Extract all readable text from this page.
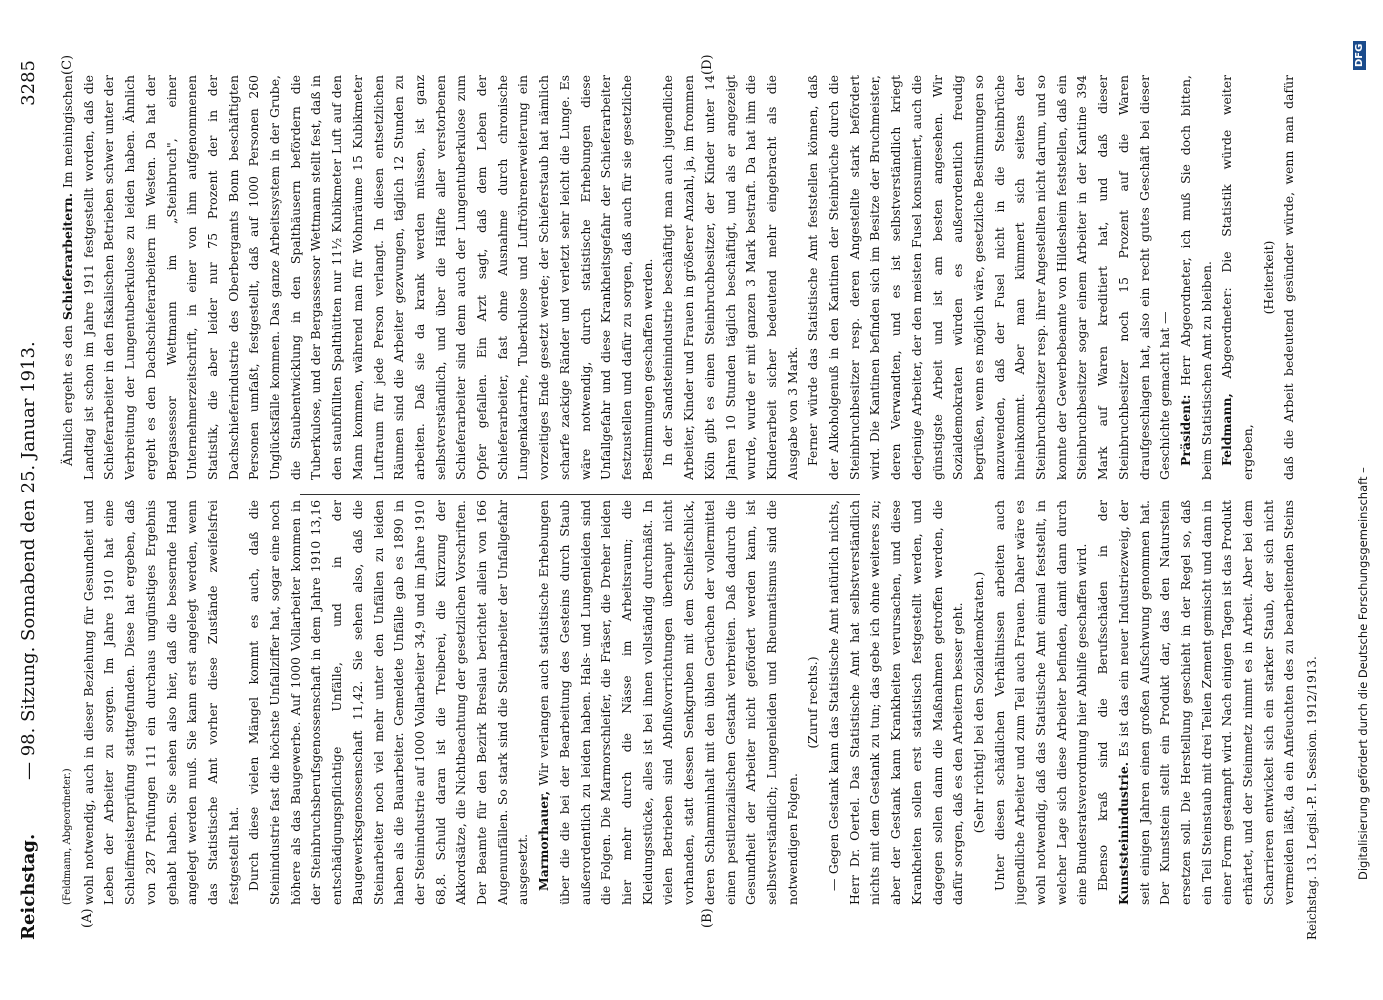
Reichstag.
— 98. Sitzung. Sonnabend den 25. Januar 1913.
3285
(A)	(B)
(C)	(D)

(Feldmann, Abgeordneter.) wohl notwendig, auch in dieser Beziehung für Gesundheit und Leben der Arbeiter zu sorgen. Im Jahre 1910 hat eine Schleifmeisterprüfung stattgefunden. Diese hat ergeben, daß von 287 Prüfungen 111 ein durchaus ungünstiges Ergebnis gehabt haben. Sie sehen also hier, daß die bessernde Hand angelegt werden muß. Sie kann erst angelegt werden, wenn das Statistische Amt vorher diese Zustände zweifelsfrei festgestellt hat. Durch diese vielen Mängel kommt es auch, daß die Steinindustrie fast die höchste Unfallziffer hat, sogar eine noch höhere als das Baugewerbe. Auf 1000 Vollarbeiter kommen in der Steinbruchsberufsgenossenschaft in dem Jahre 1910 13,16 entschädigungspflichtige Unfälle, und in der Baugewerksgenossenschaft 11,42. Sie sehen also, daß die Steinarbeiter noch viel mehr unter den Unfällen zu leiden haben als die Bauarbeiter. Gemeldete Unfälle gab es 1890 in der Steinindustrie auf 1000 Vollarbeiter 34,9 und im Jahre 1910 68,8. Schuld daran ist die Treiberei, die Kürzung der Akkordsätze, die Nichtbeachtung der gesetzlichen Vorschriften. Der Beamte für den Bezirk Breslau berichtet allein von 166 Augenunfällen. So stark sind die Steinarbeiter der Unfallgefahr ausgesetzt. Marmorhauer, Wir verlangen auch statistische Erhebungen über die die bei der Bearbeitung des Gesteins durch Staub außerordentlich zu leiden haben. Hals- und Lungenleiden sind die Folgen. Die Marmorschleifer, die Fräser, die Dreher leiden hier mehr durch die Nässe im Arbeitsraum; die Kleidungsstücke, alles ist bei ihnen vollständig durchnäßt. In vielen Betrieben sind Abflußvorrichtungen überhaupt nicht vorhanden, statt dessen Senkgruben mit dem Schleifschlick, deren Schlamminhalt mit den üblen Gerüchen der vollermittel einen pestilenzialischen Gestank verbreiten. Daß dadurch die Gesundheit der Arbeiter nicht gefördert werden kann, ist selbstverständlich; Lungenleiden und Rheumatismus sind die notwendigen Folgen.

(Zuruf rechts.) — Gegen Gestank kann das Statistische Amt natürlich nichts, Herr Dr. Oertel. Das Statistische Amt hat selbstverständlich nichts mit dem Gestank zu tun; das gebe ich ohne weiteres zu; aber der Gestank kann Krankheiten verursachen, und diese Krankheiten sollen erst statistisch festgestellt werden, und dagegen sollen dann die Maßnahmen getroffen werden, die dafür sorgen, daß es den Arbeitern besser geht. (Sehr richtig! bei den Sozialdemokraten.) Unter diesen schädlichen Verhältnissen arbeiten auch jugendliche Arbeiter und zum Teil auch Frauen. Daher wäre es wohl notwendig, daß das Statistische Amt einmal feststellt, in welcher Lage sich diese Arbeiter befinden, damit dann durch eine Bundesratsverordnung hier Abhilfe geschaffen wird. Ebenso kraß sind die Berufsschäden in der Kunststeinindustrie. Es ist das ein neuer Industriezweig, der seit einigen Jahren einen großen Aufschwung genommen hat. Der Kunststein stellt ein Produkt dar, das den Naturstein ersetzen soll. Die Herstellung geschieht in der Regel so, daß ein Teil Steinstaub mit drei Teilen Zement gemischt und dann in einer Form gestampft wird. Nach einigen Tagen ist das Produkt erhärtet, und der Steinmetz nimmt es in Arbeit. Aber bei dem Scharrieren entwickelt sich ein starker Staub, der sich nicht vermeiden läßt, da ein Anfeuchten des zu bearbeitenden Steins

Ähnlich ergeht es den Schieferarbeitern. Im meiningischen Landtag ist schon im Jahre 1911 festgestellt worden, daß die Schieferarbeiter in den fiskalischen Betrieben schwer unter der Verbreitung der Lungentuberkulose zu leiden haben. Ähnlich ergeht es den Dachschieferarbeitern im Westen. Da hat der Bergassessor Wettmann im „Steinbruch", einer Unternehmerzeitschrift, in einer von ihm aufgenommenen Statistik, die aber leider nur 75 Prozent der in der Dachschieferindustrie des Oberbergamts Bonn beschäftigten Personen umfaßt, festgestellt, daß auf 1000 Personen 260 Unglücksfälle kommen. Das ganze Arbeitssystem in der Grube, die Staubentwicklung in den Spalthäusern befördern die Tuberkulose, und der Bergassessor Wettmann stellt fest, daß in den staubfüllten Spalthütten nur 11½ Kubikmeter Luft auf den Mann kommen, während man für Wohnräume 15 Kubikmeter Luftraum für jede Person verlangt. In diesen entsetzlichen Räumen sind die Arbeiter gezwungen, täglich 12 Stunden zu arbeiten. Daß sie da krank werden müssen, ist ganz selbstverständlich, und über die Hälfte aller verstorbenen Schieferarbeiter sind denn auch der Lungentuberkulose zum Opfer gefallen. Ein Arzt sagt, daß dem Leben der Schieferarbeiter, fast ohne Ausnahme durch chronische Lungenkatarrhe, Tuberkulose und Luftröhrenerweiterung ein vorzeitiges Ende gesetzt werde; der Schieferstaub hat nämlich scharfe zackige Ränder und verletzt sehr leicht die Lunge. Es wäre notwendig, durch statistische Erhebungen diese Unfallgefahr und diese Krankheitsgefahr der Schieferarbeiter festzustellen und dafür zu sorgen, daß auch für sie gesetzliche Bestimmungen geschaffen werden. In der Sandsteinindustrie beschäftigt man auch jugendliche Arbeiter, Kinder und Frauen in größerer Anzahl, ja, im frommen Köln gibt es einen Steinbruchbesitzer, der Kinder unter 14 Jahren 10 Stunden täglich beschäftigt, und als er angezeigt wurde, wurde er mit ganzen 3 Mark bestraft. Da hat ihm die Kinderarbeit sicher bedeutend mehr eingebracht als die Ausgabe von 3 Mark. Ferner würde das Statistische Amt feststellen können, daß der Alkoholgenuß in den Kantinen der Steinbrüche durch die Steinbruchbesitzer resp. deren Angestellte stark befördert wird. Die Kantinen befinden sich im Besitze der Bruchmeister, deren Verwandten, und es ist selbstverständlich kriegt derjenige Arbeiter, der den meisten Fusel konsumiert, auch die günstigste Arbeit und ist am besten angesehen. Wir Sozialdemokraten würden es außerordentlich freudig begrüßen, wenn es möglich wäre, gesetzliche Bestimmungen so anzuwenden, daß der Fusel nicht in die Steinbrüche hineinkommt. Aber man kümmert sich seitens der Steinbruchbesitzer resp. ihrer Angestellten nicht darum, und so konnte der Gewerbebeamte von Hildesheim feststellen, daß ein Steinbruchbesitzer sogar einem Arbeiter in der Kantine 394 Mark auf Waren kreditiert hat, und daß dieser Steinbruchbesitzer noch 15 Prozent auf die Waren draufgeschlagen hat, also ein recht gutes Geschäft bei dieser Geschichte gemacht hat — Präsident: Herr Abgeordneter, ich muß Sie doch bitten, beim Statistischen Amt zu bleiben. Feldmann, Abgeordneter: Die Statistik würde weiter ergeben,

(Heiterkeit)

daß die Arbeit bedeutend gesünder würde, wenn man dafür

Reichstag. 13. Legisl.-P. I. Session. 1912/1913.	Digitalisierung gefördert durch die Deutsche Forschungsgemeinschaft –
DFG
